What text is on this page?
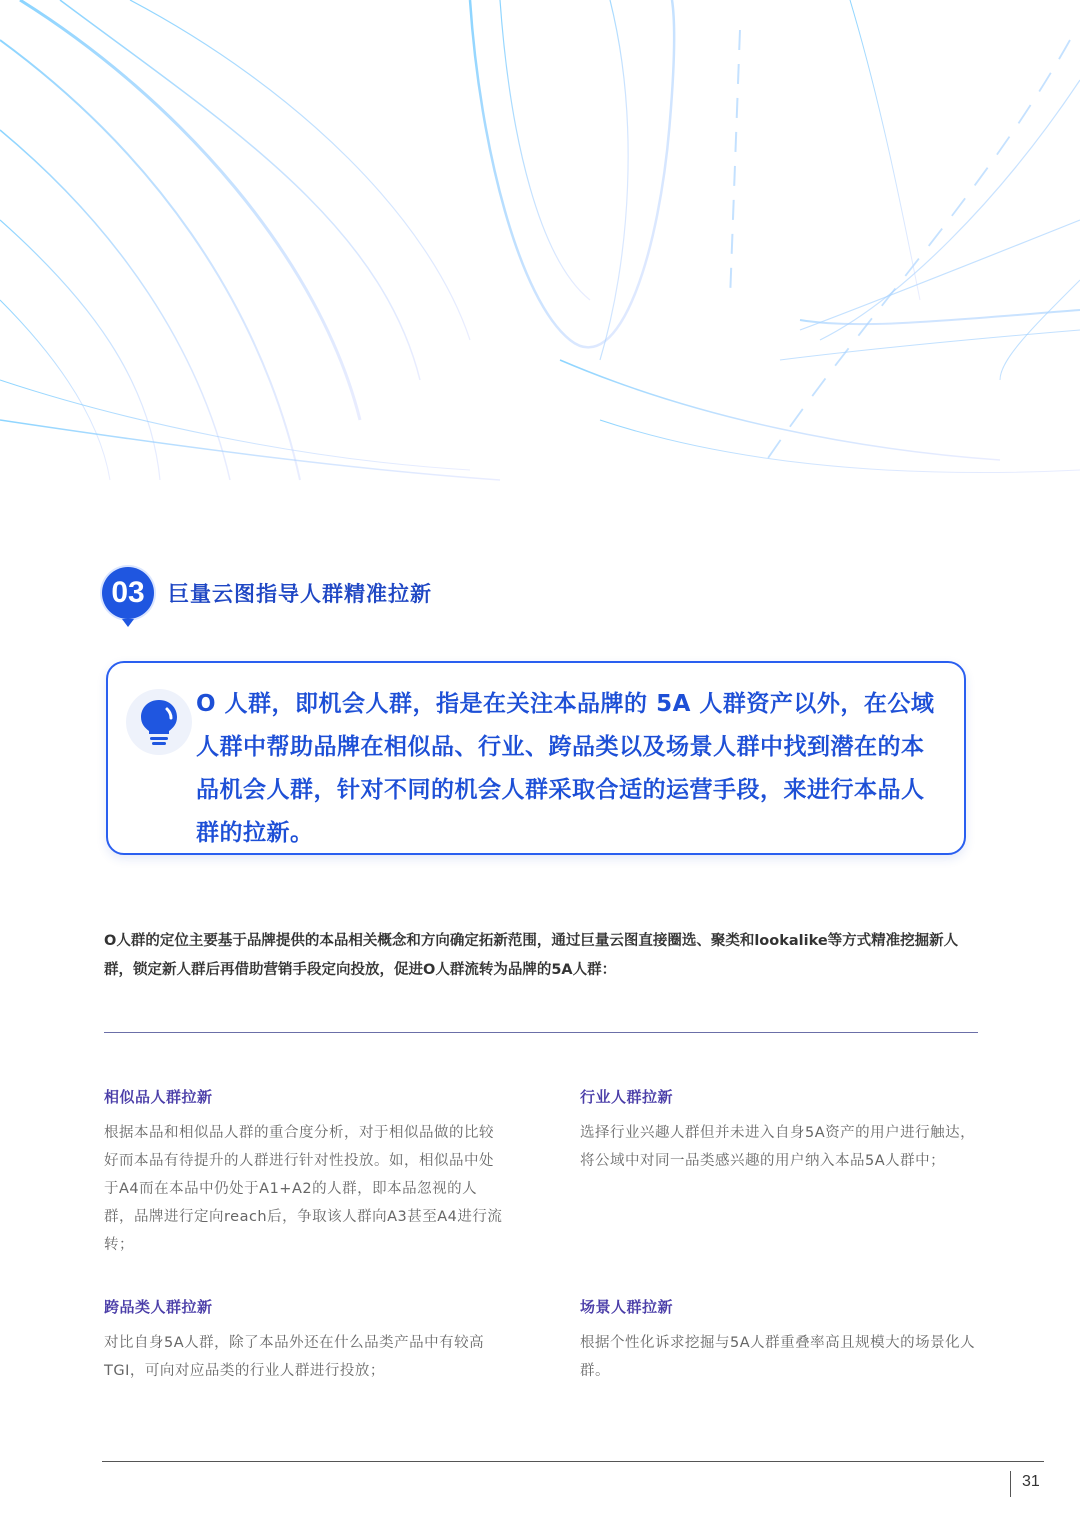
03	巨量云图指导人群精准拉新
O 人群，即机会人群，指是在关注本品牌的 5A 人群资产以外，在公域人群中帮助品牌在相似品、行业、跨品类以及场景人群中找到潜在的本品机会人群，针对不同的机会人群采取合适的运营手段，来进行本品人群的拉新。
O人群的定位主要基于品牌提供的本品相关概念和方向确定拓新范围，通过巨量云图直接圈选、聚类和lookalike等方式精准挖掘新人群，锁定新人群后再借助营销手段定向投放，促进O人群流转为品牌的5A人群：
相似品人群拉新
根据本品和相似品人群的重合度分析，对于相似品做的比较好而本品有待提升的人群进行针对性投放。如，相似品中处于A4而在本品中仍处于A1+A2的人群，即本品忽视的人群，品牌进行定向reach后，争取该人群向A3甚至A4进行流转；
行业人群拉新
选择行业兴趣人群但并未进入自身5A资产的用户进行触达，将公域中对同一品类感兴趣的用户纳入本品5A人群中；
跨品类人群拉新
对比自身5A人群，除了本品外还在什么品类产品中有较高TGI，可向对应品类的行业人群进行投放；
场景人群拉新
根据个性化诉求挖掘与5A人群重叠率高且规模大的场景化人群。
31
